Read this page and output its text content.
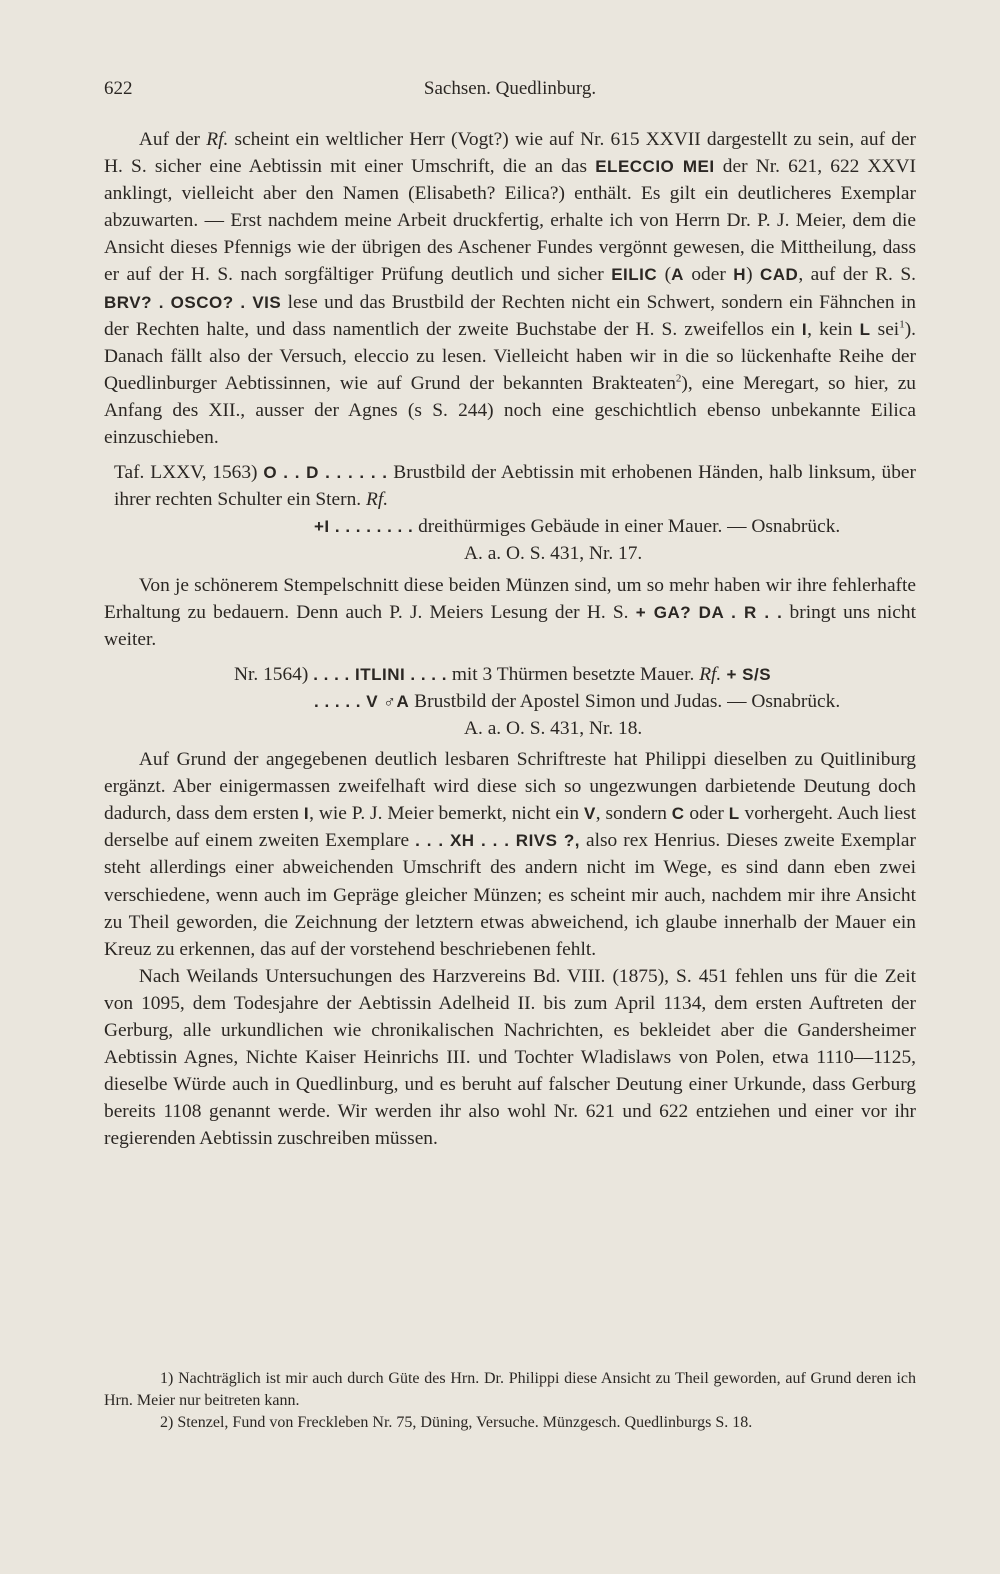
622	Sachsen. Quedlinburg.

Auf der Rf. scheint ein weltlicher Herr (Vogt?) wie auf Nr. 615 XXVII dargestellt zu sein, auf der H. S. sicher eine Aebtissin mit einer Umschrift, die an das ELECCIO MEI der Nr. 621, 622 XXVI anklingt, vielleicht aber den Namen (Elisabeth? Eilica?) enthält. Es gilt ein deutlicheres Exemplar abzuwarten. — Erst nachdem meine Arbeit druckfertig, erhalte ich von Herrn Dr. P. J. Meier, dem die Ansicht dieses Pfennigs wie der übrigen des Aschener Fundes vergönnt gewesen, die Mittheilung, dass er auf der H. S. nach sorgfältiger Prüfung deutlich und sicher EILIC (A oder H) CAD, auf der R. S. BRV? . OSCO? . VIS lese und das Brustbild der Rechten nicht ein Schwert, sondern ein Fähnchen in der Rechten halte, und dass namentlich der zweite Buchstabe der H. S. zweifellos ein I, kein L sei$^1$). Danach fällt also der Versuch, eleccio zu lesen. Vielleicht haben wir in die so lückenhafte Reihe der Quedlinburger Aebtissinnen, wie auf Grund der bekannten Brakteaten$^2$), eine Meregart, so hier, zu Anfang des XII., ausser der Agnes (s S. 244) noch eine geschichtlich ebenso unbekannte Eilica einzuschieben.

Taf. LXXV, 1563) O . . D . . . . . . Brustbild der Aebtissin mit erhobenen Händen, halb linksum, über ihrer rechten Schulter ein Stern. Rf.
+I . . . . . . . . dreithürmiges Gebäude in einer Mauer. — Osnabrück.
A. a. O. S. 431, Nr. 17.

Von je schönerem Stempelschnitt diese beiden Münzen sind, um so mehr haben wir ihre fehlerhafte Erhaltung zu bedauern. Denn auch P. J. Meiers Lesung der H. S. + GA? DA . R . . bringt uns nicht weiter.

Nr. 1564) . . . . ITLINI . . . . mit 3 Thürmen besetzte Mauer. Rf. + S/S
. . . . . V ♂A Brustbild der Apostel Simon und Judas. — Osnabrück.
A. a. O. S. 431, Nr. 18.

Auf Grund der angegebenen deutlich lesbaren Schriftreste hat Philippi dieselben zu Quitliniburg ergänzt. Aber einigermassen zweifelhaft wird diese sich so ungezwungen darbietende Deutung doch dadurch, dass dem ersten I, wie P. J. Meier bemerkt, nicht ein V, sondern C oder L vorhergeht. Auch liest derselbe auf einem zweiten Exemplare . . . XH . . . RIVS ?, also rex Henrius. Dieses zweite Exemplar steht allerdings einer abweichenden Umschrift des andern nicht im Wege, es sind dann eben zwei verschiedene, wenn auch im Gepräge gleicher Münzen; es scheint mir auch, nachdem mir ihre Ansicht zu Theil geworden, die Zeichnung der letztern etwas abweichend, ich glaube innerhalb der Mauer ein Kreuz zu erkennen, das auf der vorstehend beschriebenen fehlt.

Nach Weilands Untersuchungen des Harzvereins Bd. VIII. (1875), S. 451 fehlen uns für die Zeit von 1095, dem Todesjahre der Aebtissin Adelheid II. bis zum April 1134, dem ersten Auftreten der Gerburg, alle urkundlichen wie chronikalischen Nachrichten, es bekleidet aber die Gandersheimer Aebtissin Agnes, Nichte Kaiser Heinrichs III. und Tochter Wladislaws von Polen, etwa 1110—1125, dieselbe Würde auch in Quedlinburg, und es beruht auf falscher Deutung einer Urkunde, dass Gerburg bereits 1108 genannt werde. Wir werden ihr also wohl Nr. 621 und 622 entziehen und einer vor ihr regierenden Aebtissin zuschreiben müssen.

1) Nachträglich ist mir auch durch Güte des Hrn. Dr. Philippi diese Ansicht zu Theil geworden, auf Grund deren ich Hrn. Meier nur beitreten kann.

2) Stenzel, Fund von Freckleben Nr. 75, Düning, Versuche. Münzgesch. Quedlinburgs S. 18.
